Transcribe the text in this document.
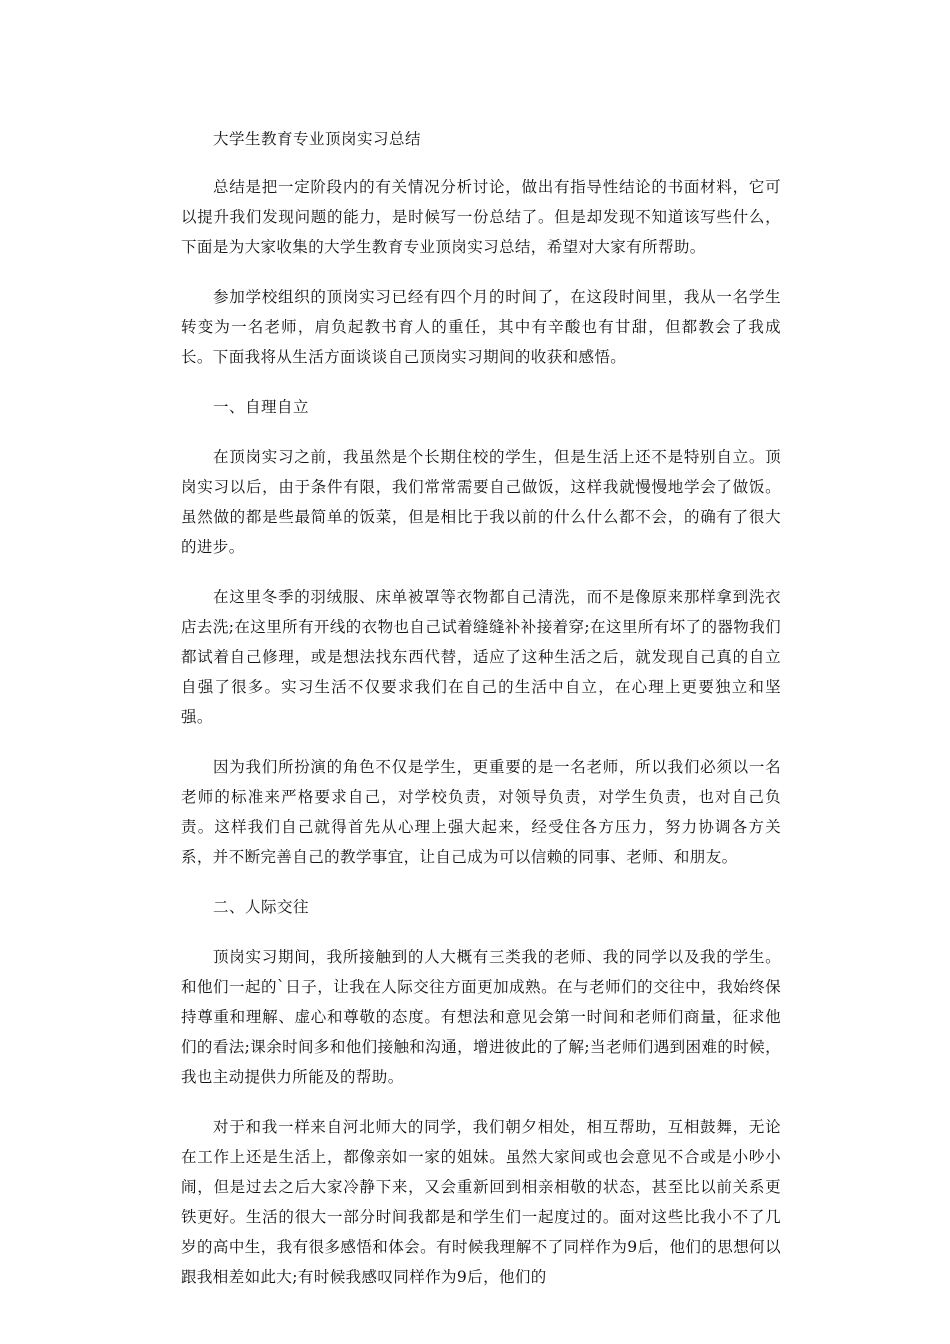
大学生教育专业顶岗实习总结

总结是把一定阶段内的有关情况分析讨论，做出有指导性结论的书面材料，它可以提升我们发现问题的能力，是时候写一份总结了。但是却发现不知道该写些什么，下面是为大家收集的大学生教育专业顶岗实习总结，希望对大家有所帮助。

参加学校组织的顶岗实习已经有四个月的时间了，在这段时间里，我从一名学生转变为一名老师，肩负起教书育人的重任，其中有辛酸也有甘甜，但都教会了我成长。下面我将从生活方面谈谈自己顶岗实习期间的收获和感悟。

一、自理自立

在顶岗实习之前，我虽然是个长期住校的学生，但是生活上还不是特别自立。顶岗实习以后，由于条件有限，我们常常需要自己做饭，这样我就慢慢地学会了做饭。虽然做的都是些最简单的饭菜，但是相比于我以前的什么什么都不会，的确有了很大的进步。

在这里冬季的羽绒服、床单被罩等衣物都自己清洗，而不是像原来那样拿到洗衣店去洗;在这里所有开线的衣物也自己试着缝缝补补接着穿;在这里所有坏了的器物我们都试着自己修理，或是想法找东西代替，适应了这种生活之后，就发现自己真的自立自强了很多。实习生活不仅要求我们在自己的生活中自立，在心理上更要独立和坚强。

因为我们所扮演的角色不仅是学生，更重要的是一名老师，所以我们必须以一名老师的标准来严格要求自己，对学校负责，对领导负责，对学生负责，也对自己负责。这样我们自己就得首先从心理上强大起来，经受住各方压力，努力协调各方关系，并不断完善自己的教学事宜，让自己成为可以信赖的同事、老师、和朋友。

二、人际交往

顶岗实习期间，我所接触到的人大概有三类我的老师、我的同学以及我的学生。和他们一起的`日子，让我在人际交往方面更加成熟。在与老师们的交往中，我始终保持尊重和理解、虚心和尊敬的态度。有想法和意见会第一时间和老师们商量，征求他们的看法;课余时间多和他们接触和沟通，增进彼此的了解;当老师们遇到困难的时候，我也主动提供力所能及的帮助。

对于和我一样来自河北师大的同学，我们朝夕相处，相互帮助，互相鼓舞，无论在工作上还是生活上，都像亲如一家的姐妹。虽然大家间或也会意见不合或是小吵小闹，但是过去之后大家冷静下来，又会重新回到相亲相敬的状态，甚至比以前关系更铁更好。生活的很大一部分时间我都是和学生们一起度过的。面对这些比我小不了几岁的高中生，我有很多感悟和体会。有时候我理解不了同样作为9后，他们的思想何以跟我相差如此大;有时候我感叹同样作为9后，他们的
